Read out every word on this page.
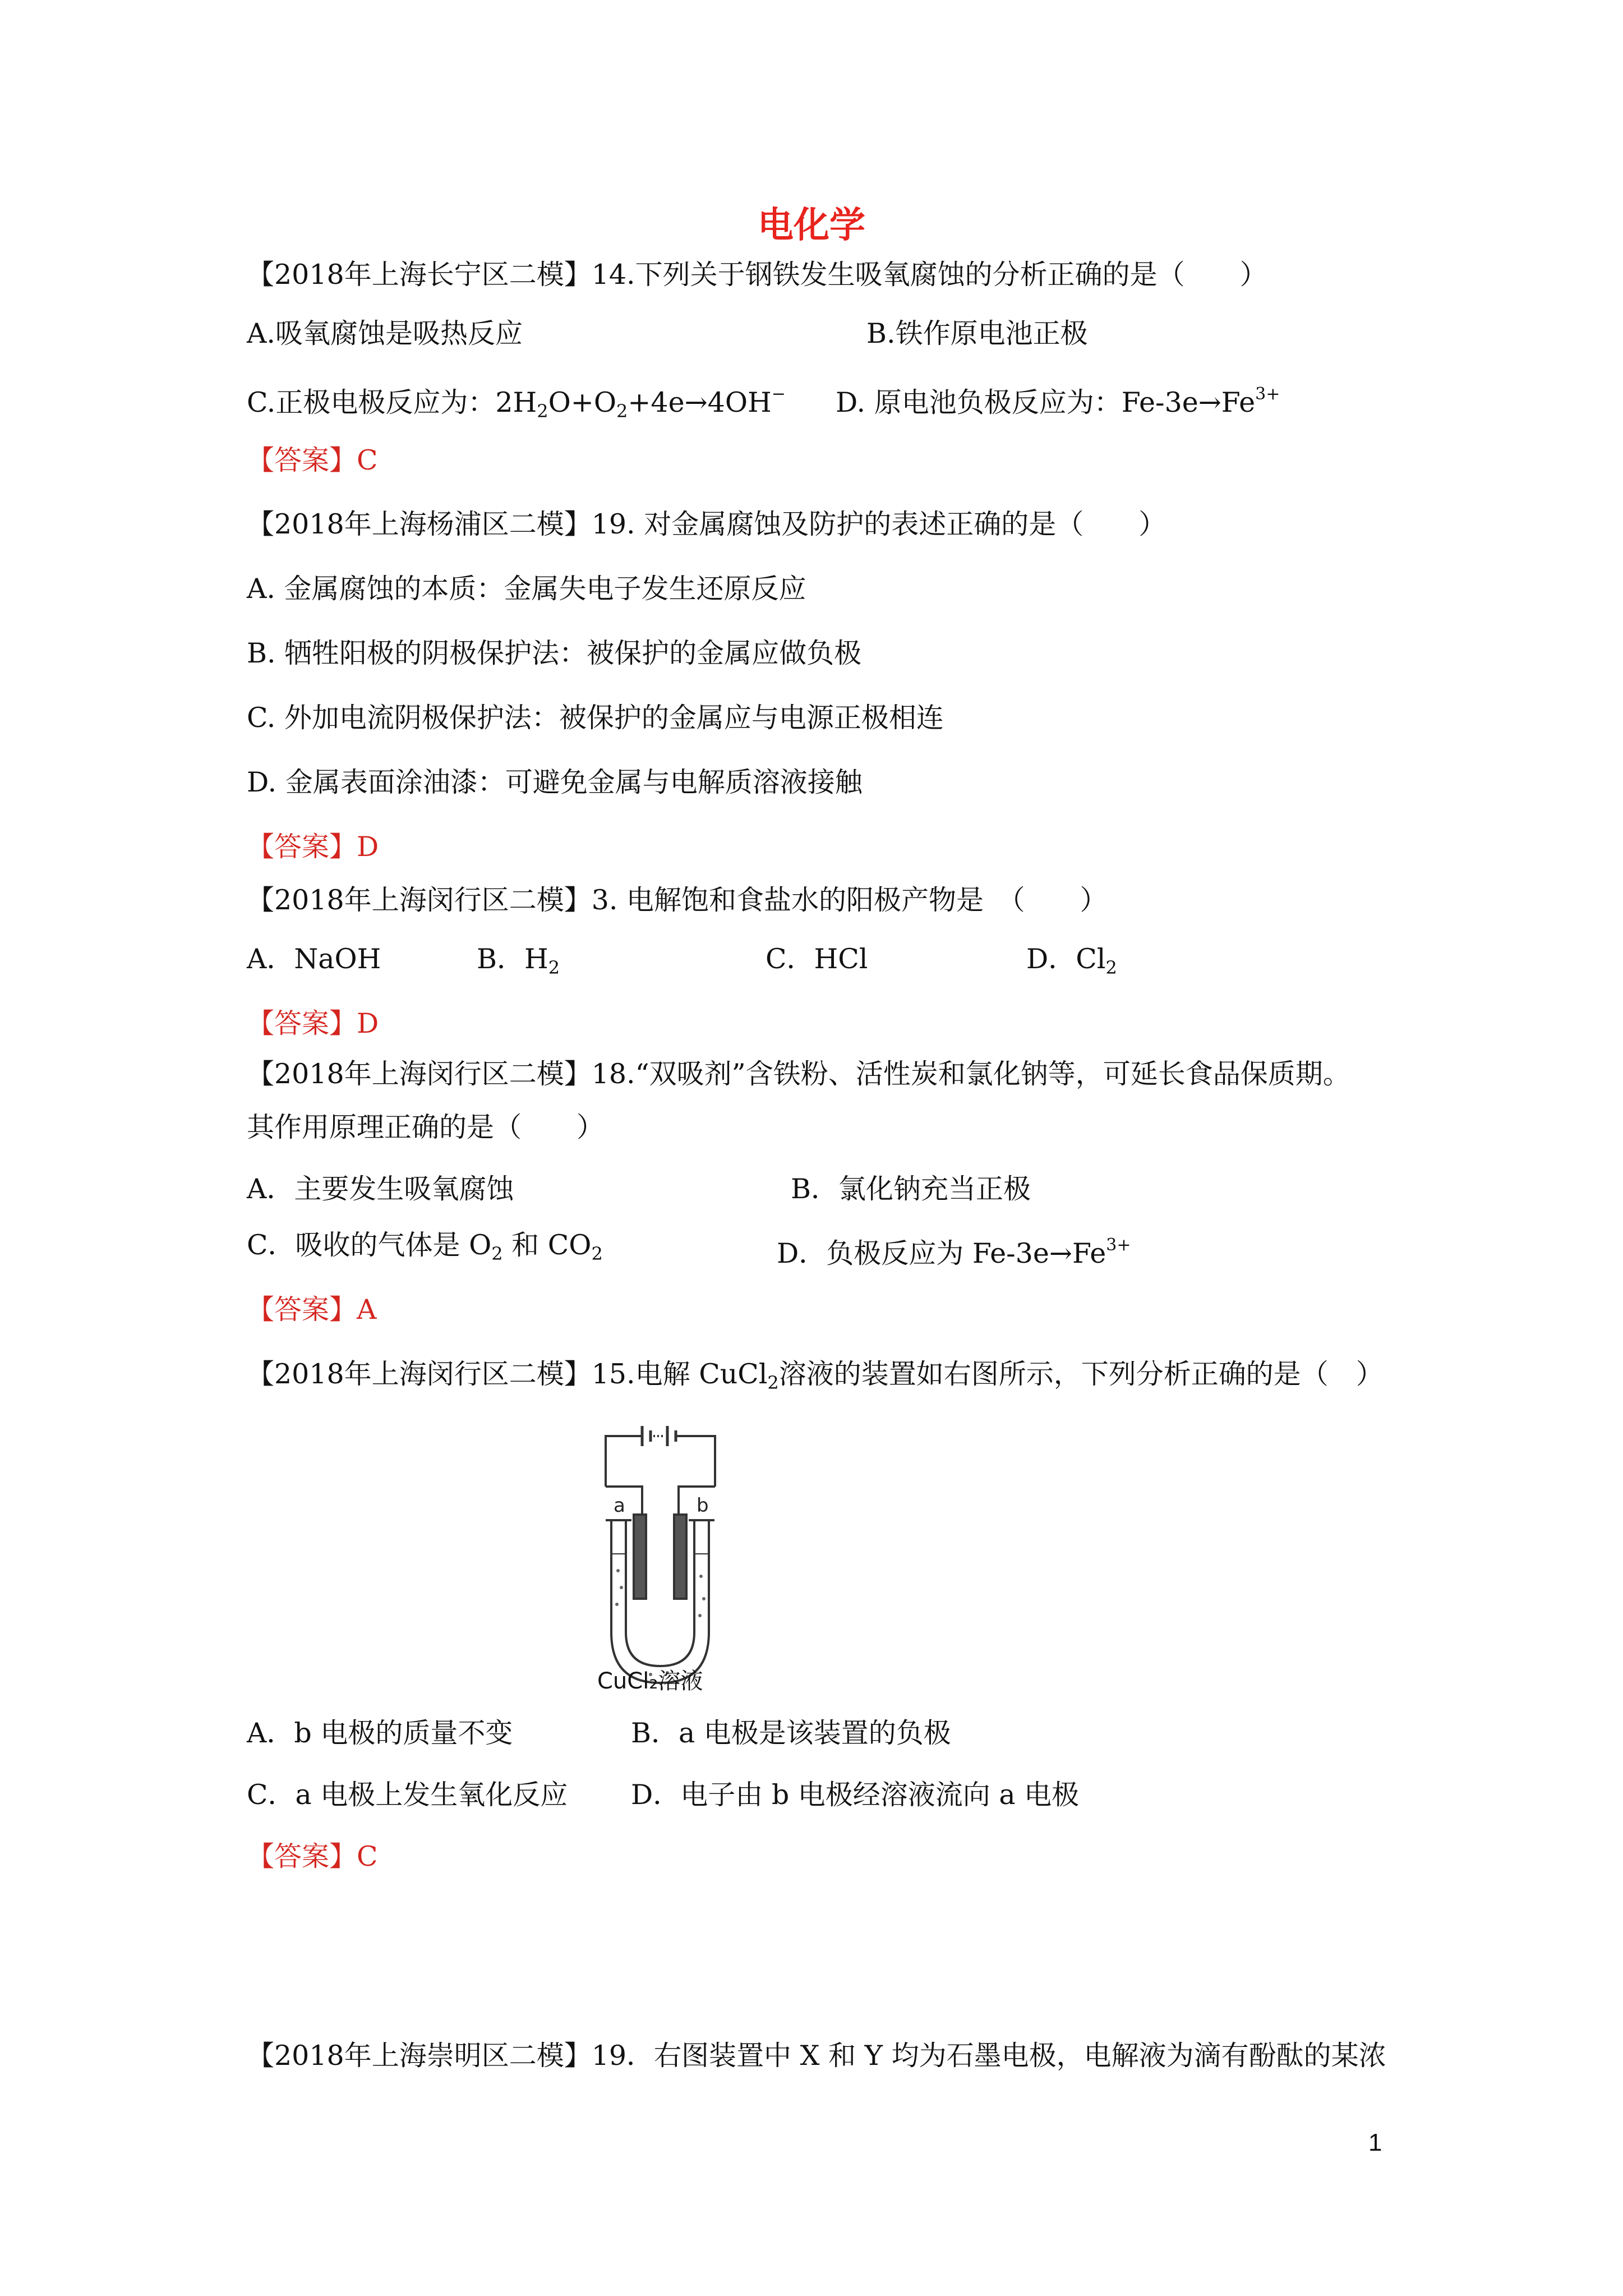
电化学
【2018年上海长宁区二模】14.下列关于钢铁发生吸氧腐蚀的分析正确的是（　　）
A.吸氧腐蚀是吸热反应	B.铁作原电池正极
C.正极电极反应为：$2H_2O+O_2+4e\to 4OH^-$ D. 原电池负极反应为：$Fe-3e\to Fe^{3+}$
【答案】C
【2018年上海杨浦区二模】19. 对金属腐蚀及防护的表述正确的是（　　）
A. 金属腐蚀的本质：金属失电子发生还原反应
B. 牺牲阳极的阴极保护法：被保护的金属应做负极
C. 外加电流阴极保护法：被保护的金属应与电源正极相连
D. 金属表面涂油漆：可避免金属与电解质溶液接触
【答案】D
【2018年上海闵行区二模】3. 电解饱和食盐水的阳极产物是　（　　）
A．NaOH	B．$H_2$	C．HCl	D．$Cl_2$
【答案】D
【2018年上海闵行区二模】18.“双吸剂”含铁粉、活性炭和氯化钠等，可延长食品保质期。
其作用原理正确的是（　　）
A．主要发生吸氧腐蚀	B．氯化钠充当正极
C．吸收的气体是 $O_2$ 和 $CO_2$	D．负极反应为 $Fe-3e\to Fe^{3+}$
【答案】A
【2018年上海闵行区二模】15.电解 CuCl$_2$溶液的装置如右图所示，下列分析正确的是（　）
a	b
CuCl₂溶液
A．b 电极的质量不变	B．a 电极是该装置的负极
C．a 电极上发生氧化反应 D．电子由 b 电极经溶液流向 a 电极
【答案】C
【2018年上海崇明区二模】19．右图装置中 X 和 Y 均为石墨电极，电解液为滴有酚酞的某浓
1
